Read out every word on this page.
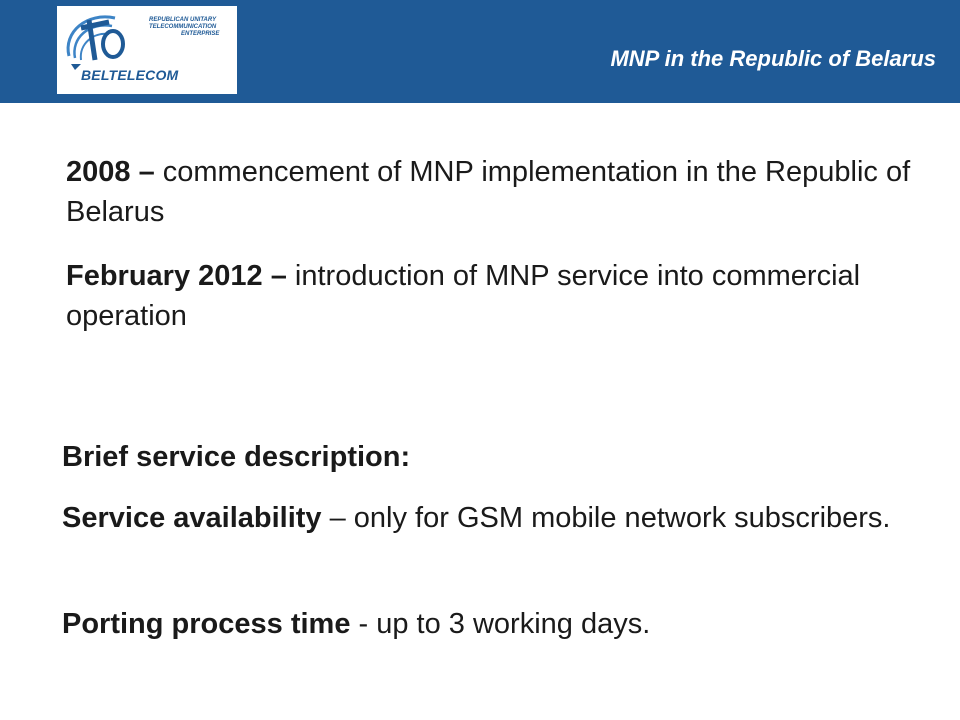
REPUBLICAN UNITARY
TELECOMMUNICATION
ENTERPRISE
BELTELECOM
MNP in the Republic of Belarus

2008 – commencement of MNP implementation in the Republic of Belarus

February 2012 – introduction of MNP service into commercial operation

Brief service description:

Service availability – only for GSM mobile network subscribers.

Porting process time - up to 3 working days.
